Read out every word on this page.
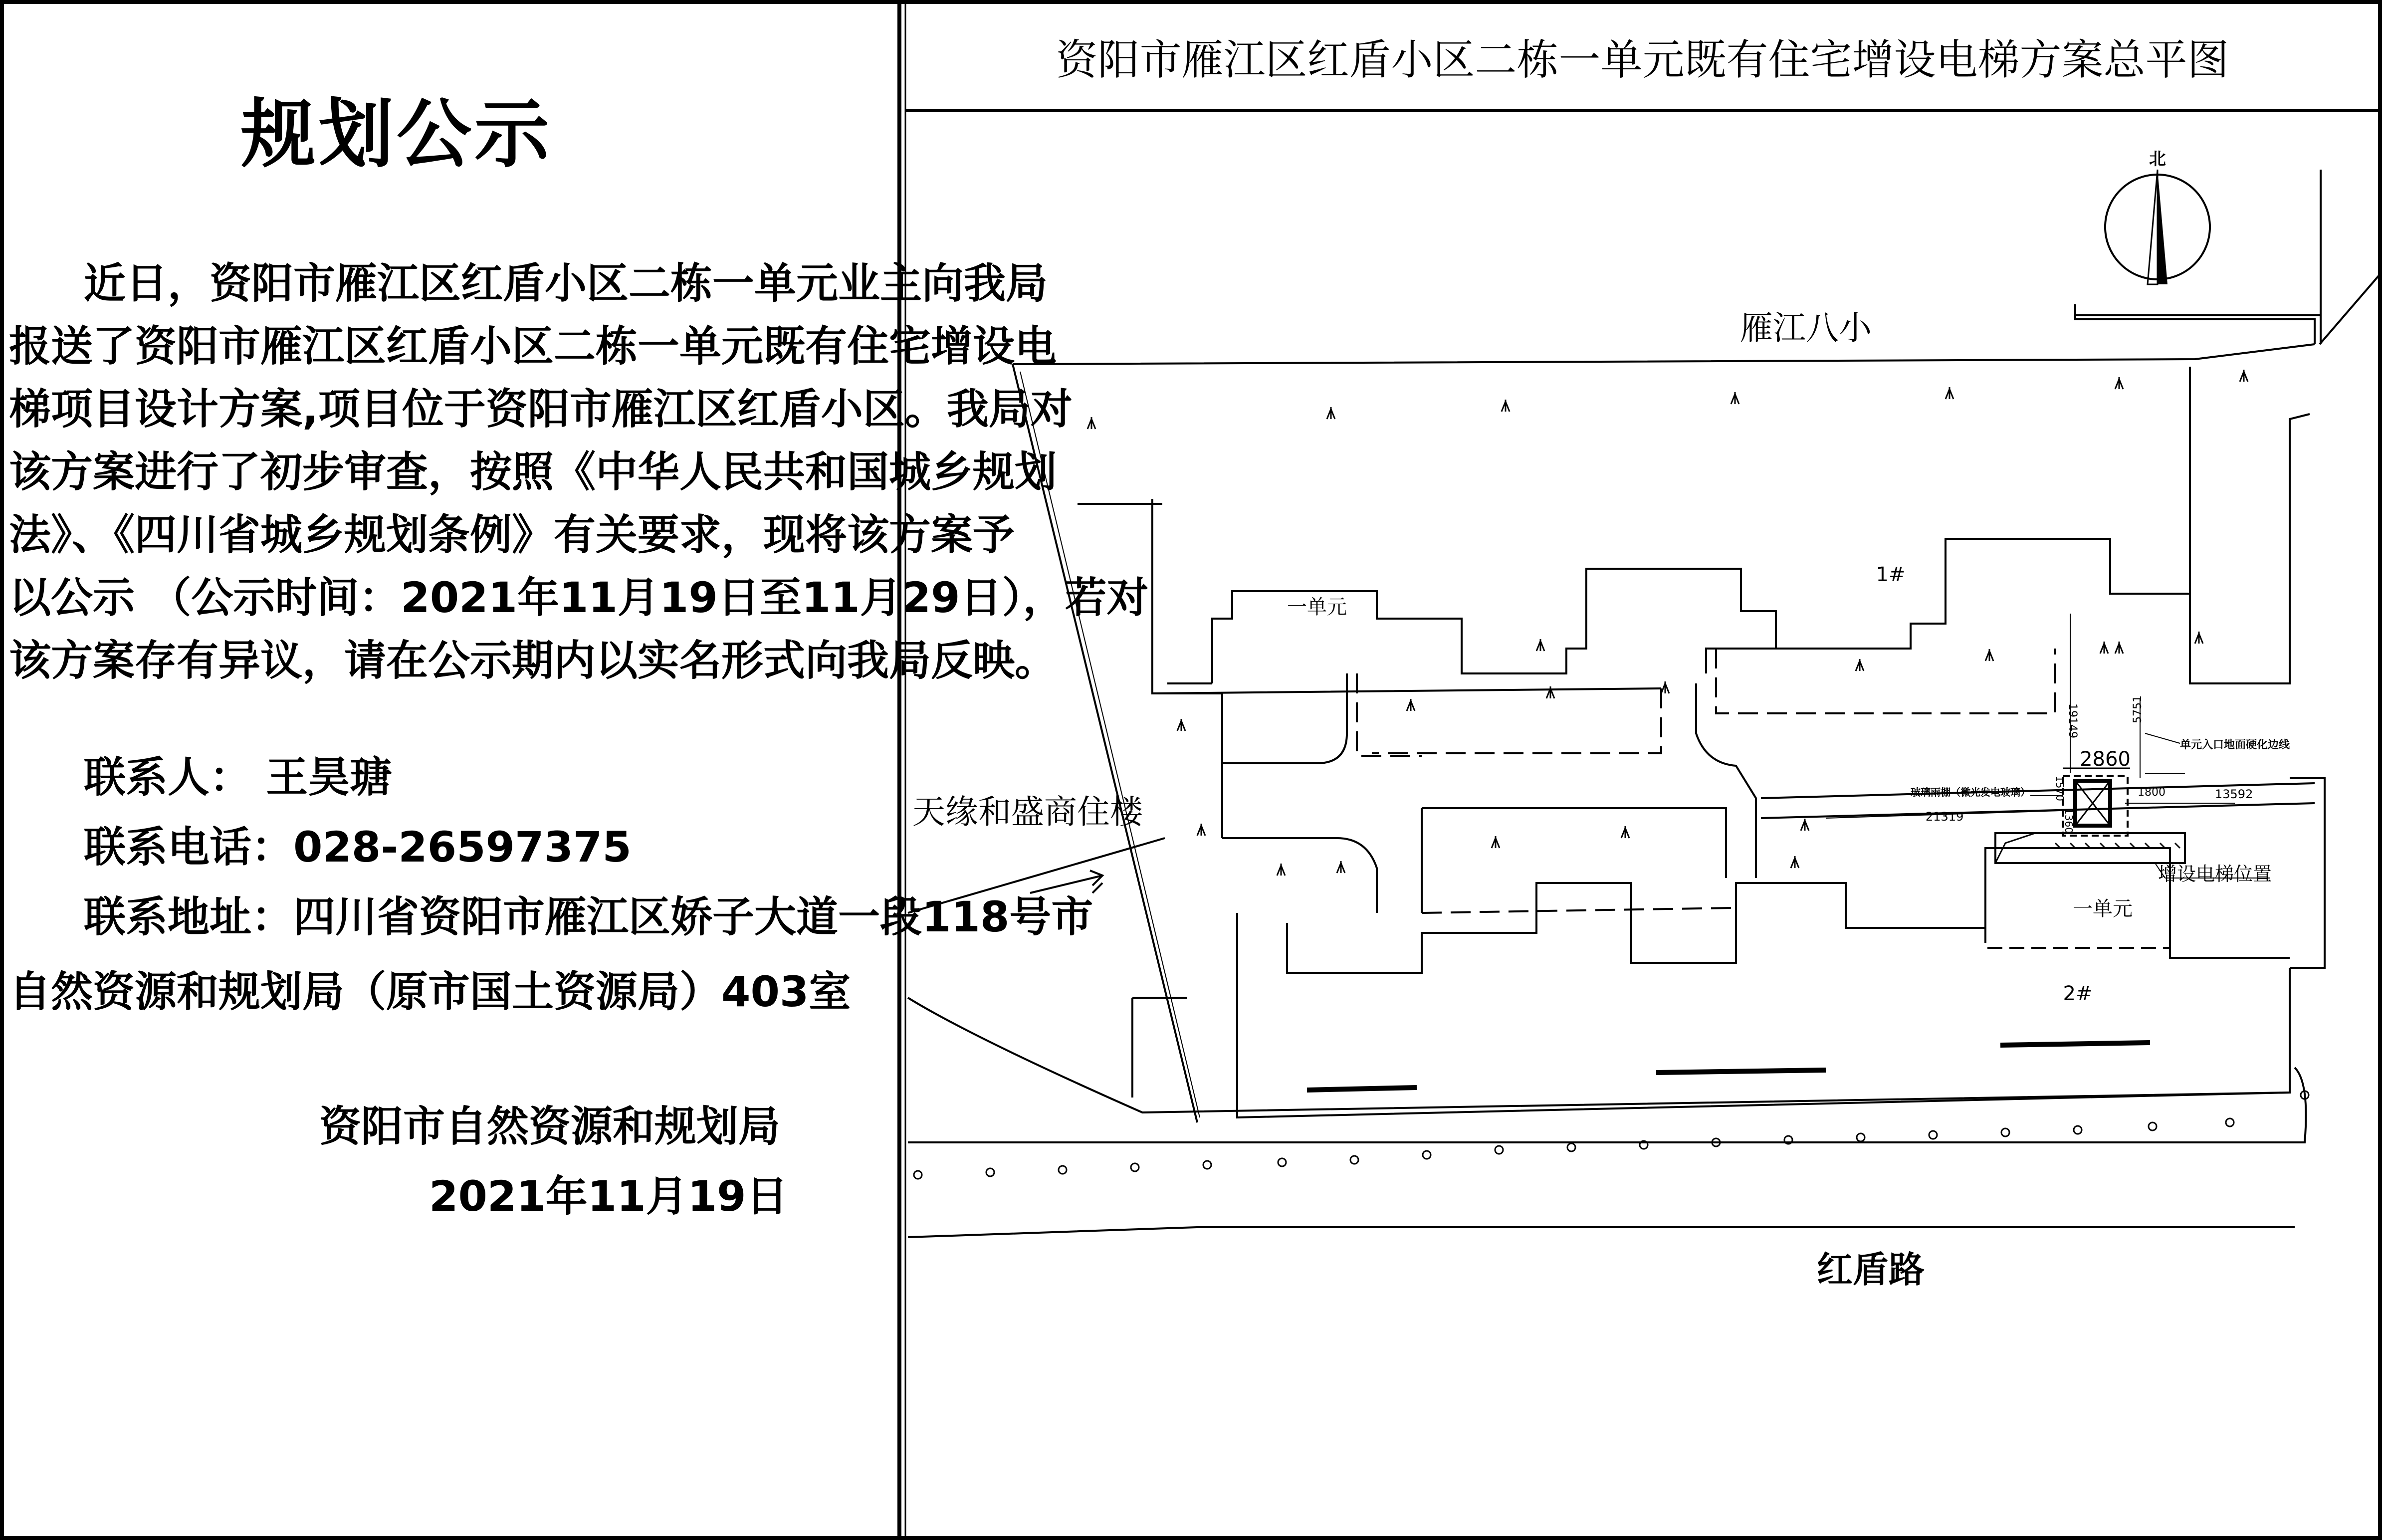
规划公示
近日，资阳市雁江区红盾小区二栋一单元业主向我局
报送了资阳市雁江区红盾小区二栋一单元既有住宅增设电
梯项目设计方案,项目位于资阳市雁江区红盾小区。我局对
该方案进行了初步审查，按照《中华人民共和国城乡规划
法》、《四川省城乡规划条例》有关要求，现将该方案予
以公示 （公示时间：2021年11月19日至11月29日），若对
该方案存有异议，请在公示期内以实名形式向我局反映。
联系人： 王昊瑭
联系电话：028-26597375
联系地址：四川省资阳市雁江区娇子大道一段118号市
自然资源和规划局（原市国土资源局）403室
资阳市自然资源和规划局
2021年11月19日
资阳市雁江区红盾小区二栋一单元既有住宅增设电梯方案总平图
北
雁江八小
天缘和盛商住楼
红盾路
1#
2#
一单元
一单元
增设电梯位置
单元入口地面硬化边线
玻璃雨棚（微光发电玻璃）
2860
1800	13592
21319
19149	5751
1570
1360
